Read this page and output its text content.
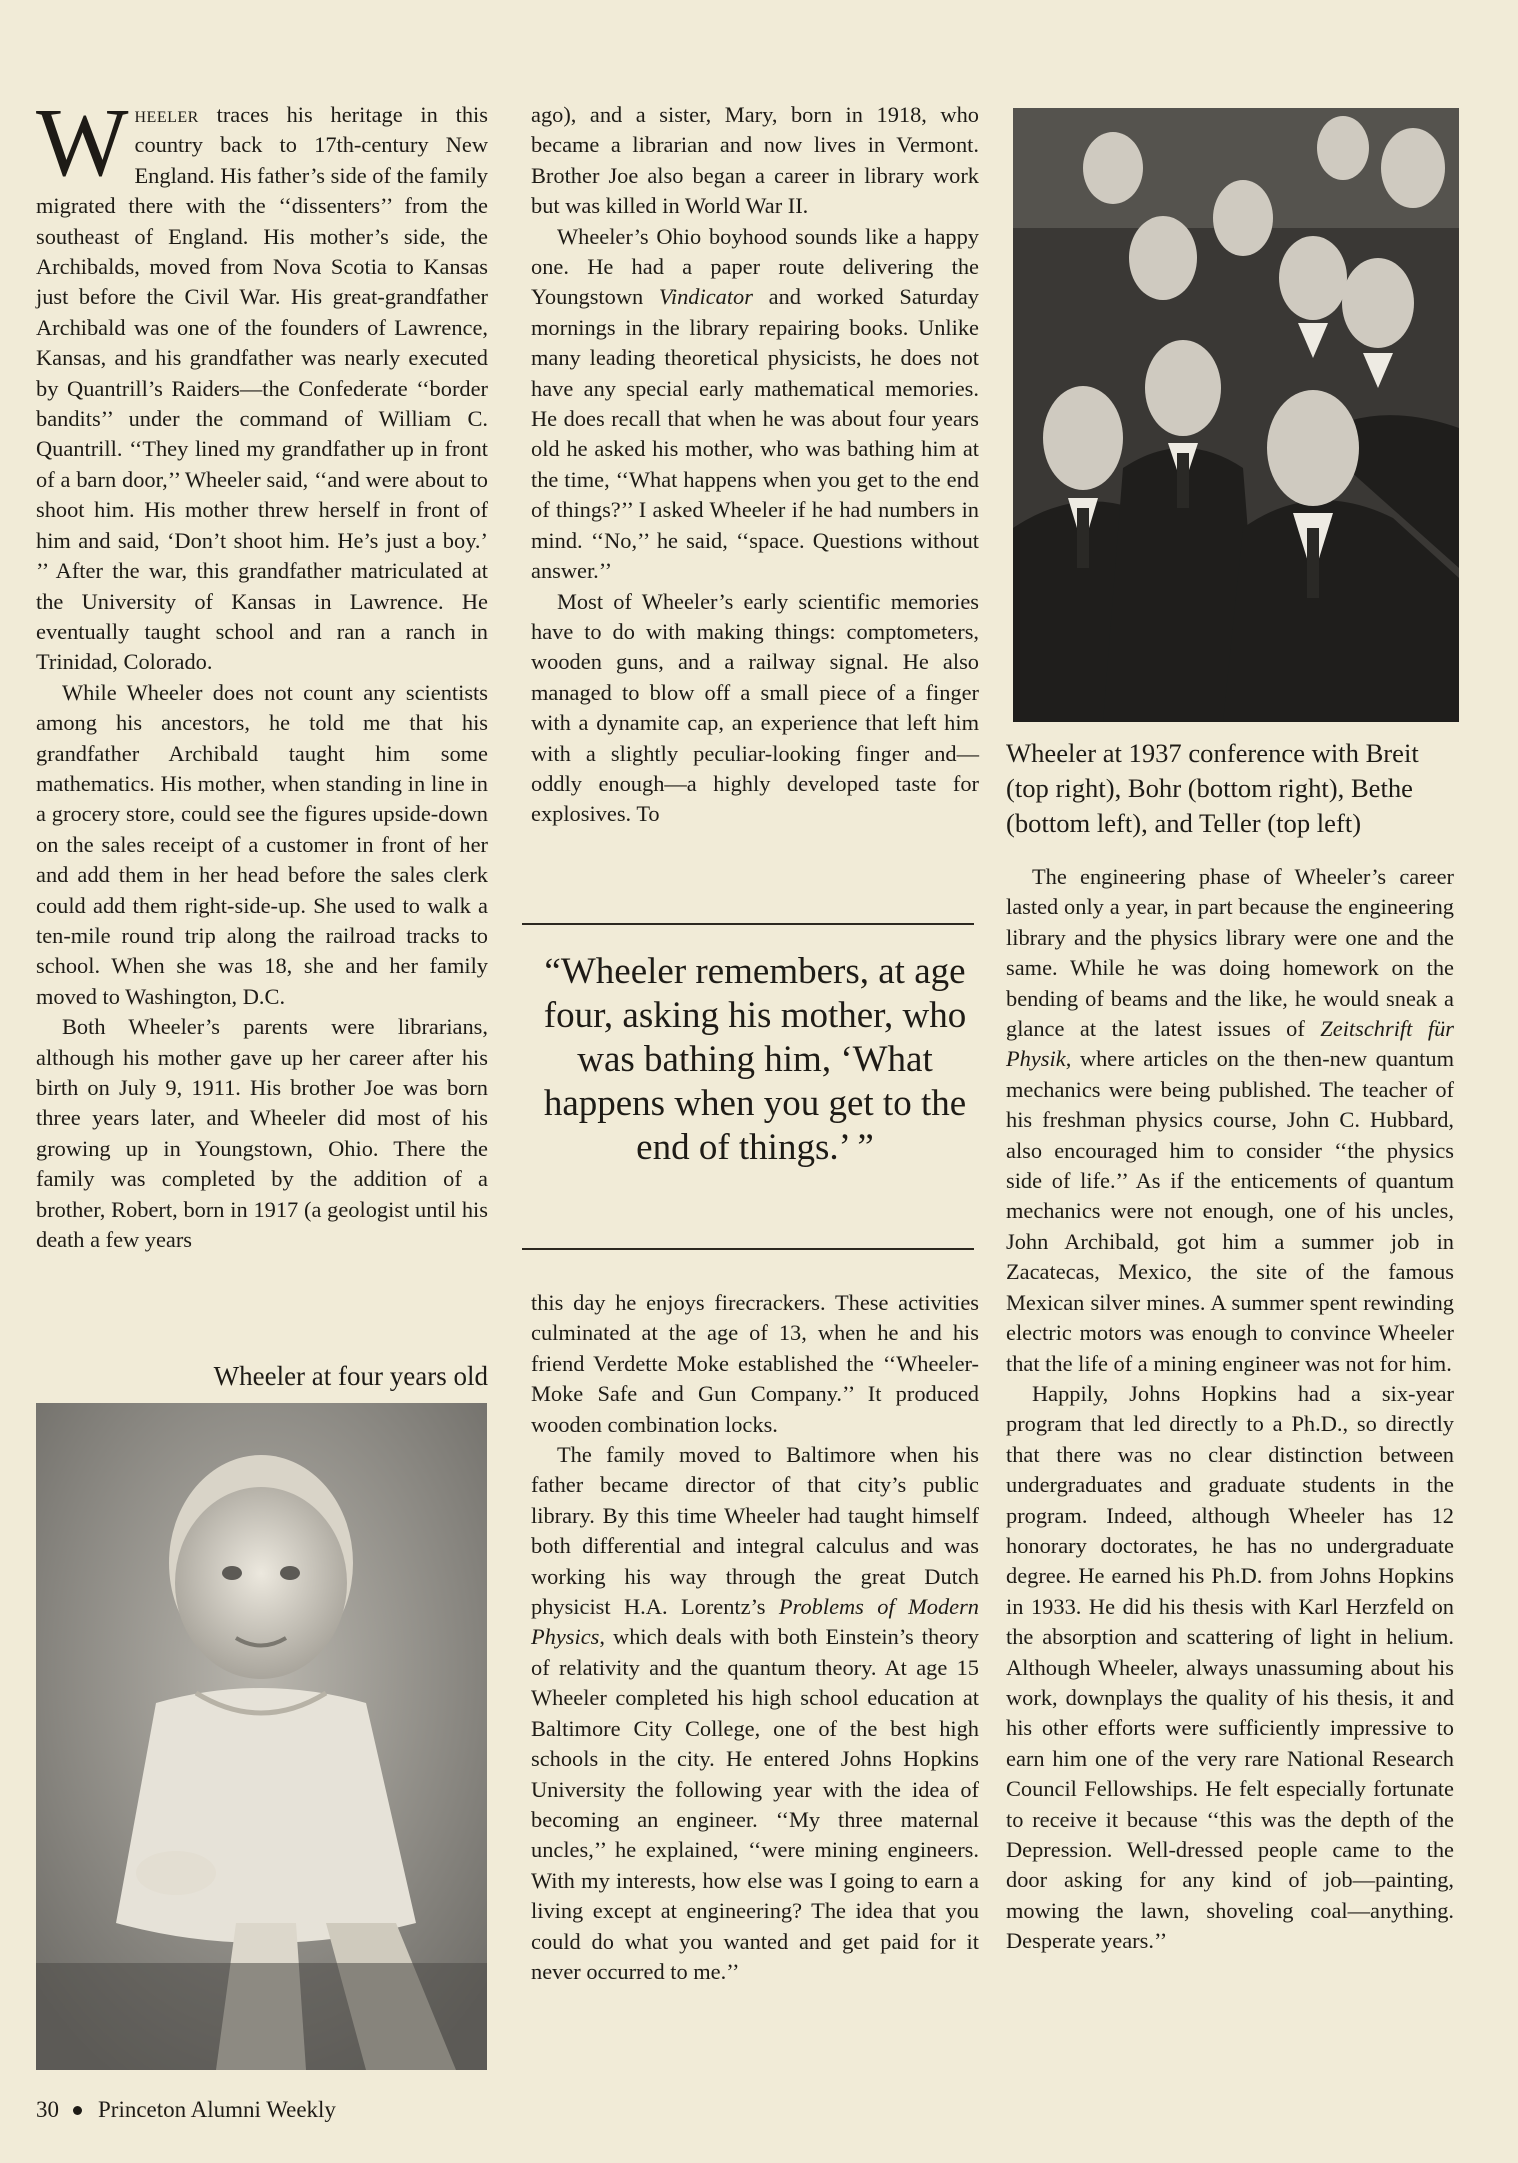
Wheeler traces his heritage in this country back to 17th-century New England. His father’s side of the family migrated there with the ‘‘dissenters’’ from the southeast of England. His mother’s side, the Archibalds, moved from Nova Scotia to Kansas just before the Civil War. His great-grandfather Archibald was one of the founders of Lawrence, Kansas, and his grandfather was nearly executed by Quantrill’s Raiders—the Confederate ‘‘border bandits’’ under the command of William C. Quantrill. ‘‘They lined my grandfather up in front of a barn door,’’ Wheeler said, ‘‘and were about to shoot him. His mother threw herself in front of him and said, ‘Don’t shoot him. He’s just a boy.’ ’’ After the war, this grandfather matriculated at the University of Kansas in Lawrence. He eventually taught school and ran a ranch in Trinidad, Colorado.

While Wheeler does not count any scientists among his ancestors, he told me that his grandfather Archibald taught him some mathematics. His mother, when standing in line in a grocery store, could see the figures upside-down on the sales receipt of a customer in front of her and add them in her head before the sales clerk could add them right-side-up. She used to walk a ten-mile round trip along the railroad tracks to school. When she was 18, she and her family moved to Washington, D.C.

Both Wheeler’s parents were librarians, although his mother gave up her career after his birth on July 9, 1911. His brother Joe was born three years later, and Wheeler did most of his growing up in Youngstown, Ohio. There the family was completed by the addition of a brother, Robert, born in 1917 (a geologist until his death a few years

Wheeler at four years old

ago), and a sister, Mary, born in 1918, who became a librarian and now lives in Vermont. Brother Joe also began a career in library work but was killed in World War II.

Wheeler’s Ohio boyhood sounds like a happy one. He had a paper route delivering the Youngstown Vindicator and worked Saturday mornings in the library repairing books. Unlike many leading theoretical physicists, he does not have any special early mathematical memories. He does recall that when he was about four years old he asked his mother, who was bathing him at the time, ‘‘What happens when you get to the end of things?’’ I asked Wheeler if he had numbers in mind. ‘‘No,’’ he said, ‘‘space. Questions without answer.’’

Most of Wheeler’s early scientific memories have to do with making things: comptometers, wooden guns, and a railway signal. He also managed to blow off a small piece of a finger with a dynamite cap, an experience that left him with a slightly peculiar-looking finger and—oddly enough—a highly developed taste for explosives. To

“Wheeler remembers, at age four, asking his mother, who was bathing him, ‘What happens when you get to the end of things.’ ”

this day he enjoys firecrackers. These activities culminated at the age of 13, when he and his friend Verdette Moke established the ‘‘Wheeler-Moke Safe and Gun Company.’’ It produced wooden combination locks.

The family moved to Baltimore when his father became director of that city’s public library. By this time Wheeler had taught himself both differential and integral calculus and was working his way through the great Dutch physicist H.A. Lorentz’s Problems of Modern Physics, which deals with both Einstein’s theory of relativity and the quantum theory. At age 15 Wheeler completed his high school education at Baltimore City College, one of the best high schools in the city. He entered Johns Hopkins University the following year with the idea of becoming an engineer. ‘‘My three maternal uncles,’’ he explained, ‘‘were mining engineers. With my interests, how else was I going to earn a living except at engineering? The idea that you could do what you wanted and get paid for it never occurred to me.’’

Wheeler at 1937 conference with Breit (top right), Bohr (bottom right), Bethe (bottom left), and Teller (top left)

The engineering phase of Wheeler’s career lasted only a year, in part because the engineering library and the physics library were one and the same. While he was doing homework on the bending of beams and the like, he would sneak a glance at the latest issues of Zeitschrift für Physik, where articles on the then-new quantum mechanics were being published. The teacher of his freshman physics course, John C. Hubbard, also encouraged him to consider ‘‘the physics side of life.’’ As if the enticements of quantum mechanics were not enough, one of his uncles, John Archibald, got him a summer job in Zacatecas, Mexico, the site of the famous Mexican silver mines. A summer spent rewinding electric motors was enough to convince Wheeler that the life of a mining engineer was not for him.

Happily, Johns Hopkins had a six-year program that led directly to a Ph.D., so directly that there was no clear distinction between undergraduates and graduate students in the program. Indeed, although Wheeler has 12 honorary doctorates, he has no undergraduate degree. He earned his Ph.D. from Johns Hopkins in 1933. He did his thesis with Karl Herzfeld on the absorption and scattering of light in helium. Although Wheeler, always unassuming about his work, downplays the quality of his thesis, it and his other efforts were sufficiently impressive to earn him one of the very rare National Research Council Fellowships. He felt especially fortunate to receive it because ‘‘this was the depth of the Depression. Well-dressed people came to the door asking for any kind of job—painting, mowing the lawn, shoveling coal—anything. Desperate years.’’

30 Princeton Alumni Weekly
